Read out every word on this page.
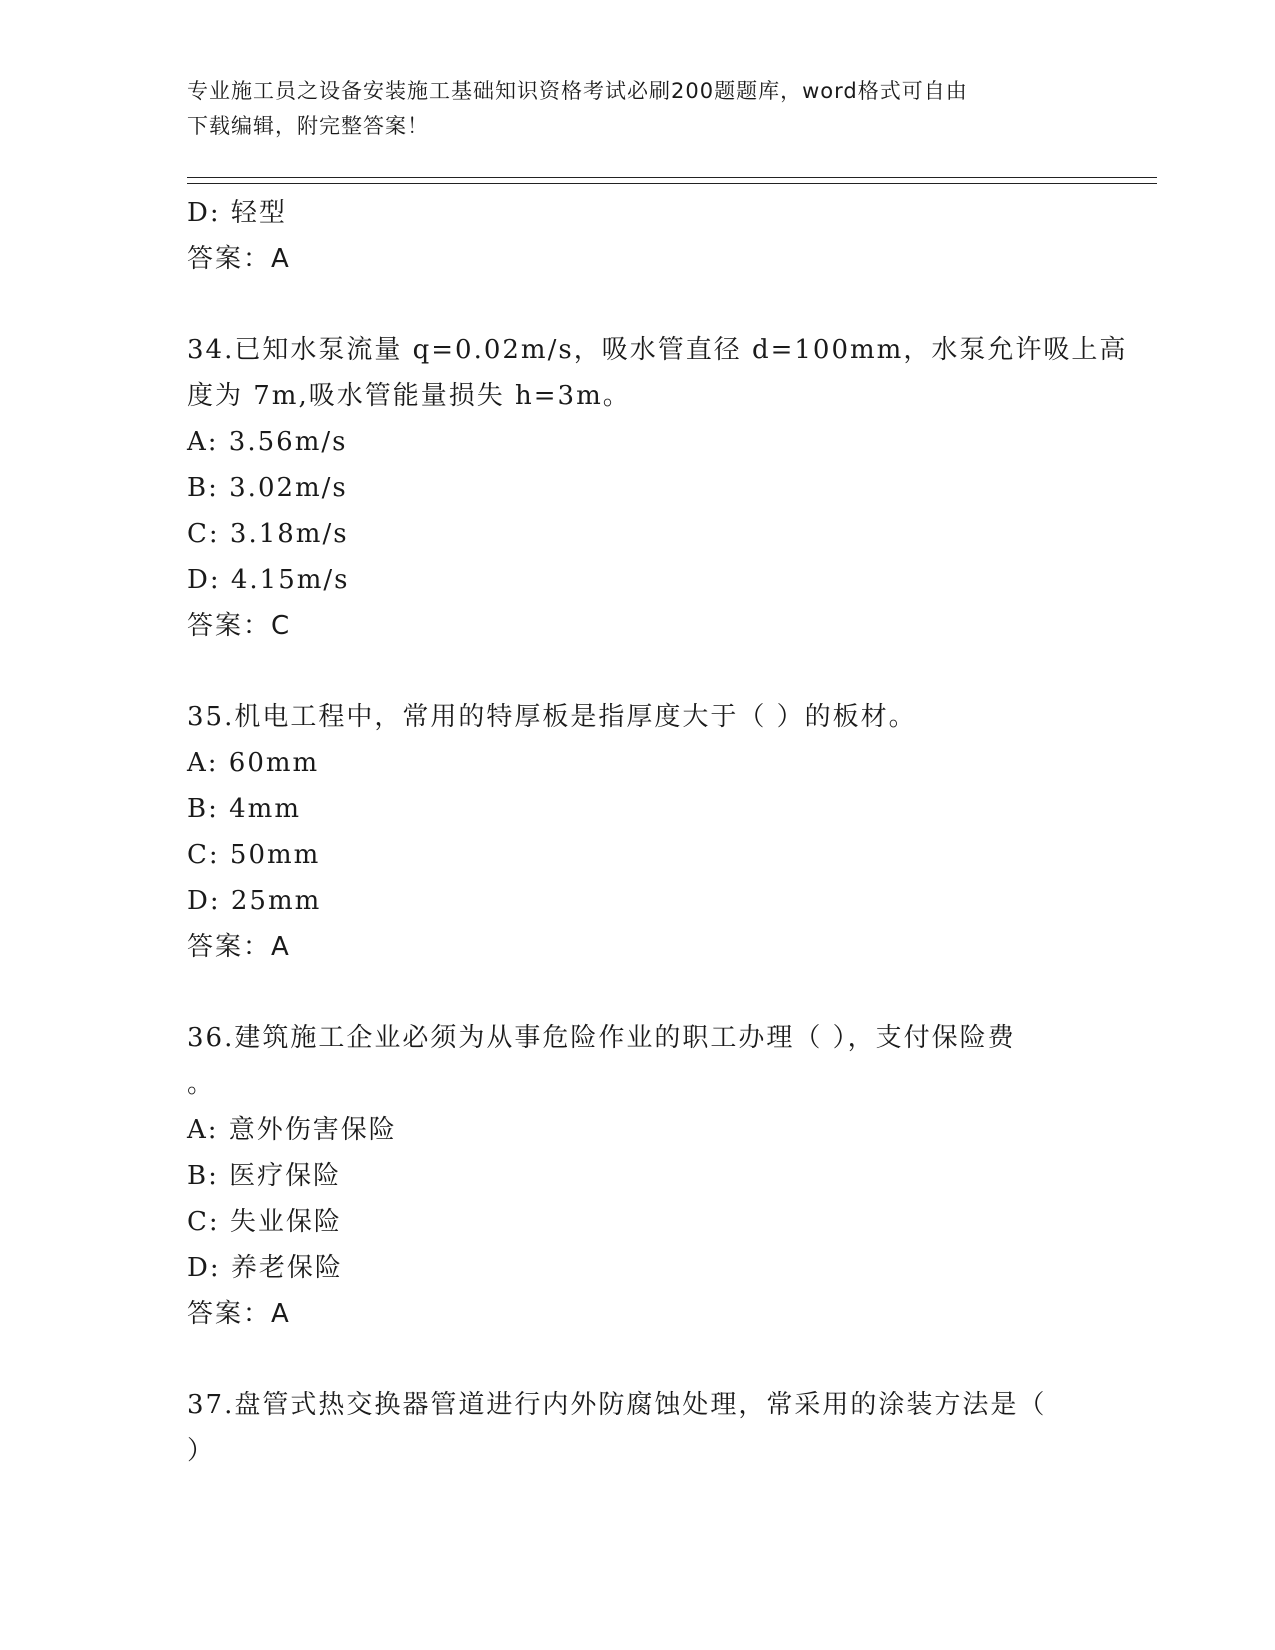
专业施工员之设备安装施工基础知识资格考试必刷200题题库，word格式可自由
下载编辑，附完整答案！
D: 轻型
答案：A
34.已知水泵流量 q=0.02m/s，吸水管直径 d=100mm，水泵允许吸上高
度为 7m,吸水管能量损失 h=3m。
A: 3.56m/s
B: 3.02m/s
C: 3.18m/s
D: 4.15m/s
答案：C
35.机电工程中，常用的特厚板是指厚度大于（ ）的板材。
A: 60mm
B: 4mm
C: 50mm
D: 25mm
答案：A
36.建筑施工企业必须为从事危险作业的职工办理（ ），支付保险费
。
A: 意外伤害保险
B: 医疗保险
C: 失业保险
D: 养老保险
答案：A
37.盘管式热交换器管道进行内外防腐蚀处理，常采用的涂装方法是（
）
